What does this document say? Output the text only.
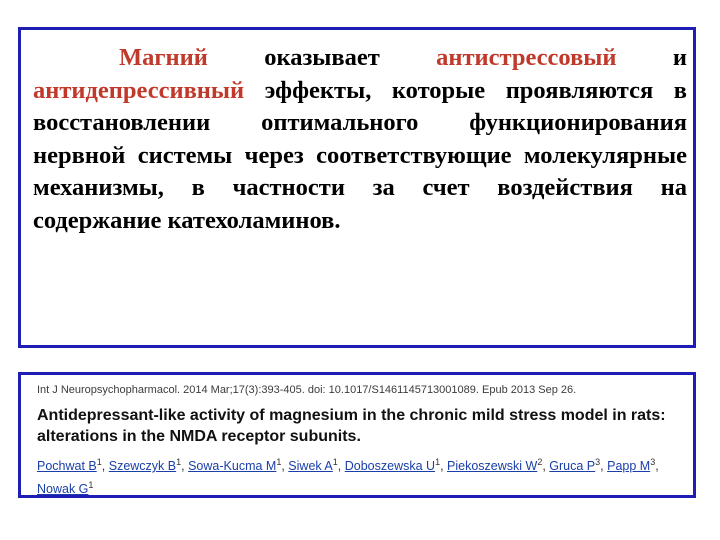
Магний оказывает антистрессовый и антидепрессивный эффекты, которые проявляются в восстановлении оптимального функционирования нервной системы через соответствующие молекулярные механизмы, в частности за счет воздействия на содержание катехоламинов.
Int J Neuropsychopharmacol. 2014 Mar;17(3):393-405. doi: 10.1017/S1461145713001089. Epub 2013 Sep 26.
Antidepressant-like activity of magnesium in the chronic mild stress model in rats: alterations in the NMDA receptor subunits.
Pochwat $B^1$, Szewczyk $B^1$, Sowa-Kucma $M^1$, Siwek $A^1$, Doboszewska $U^1$, Piekoszewski $W^2$, Gruca $P^3$, Papp $M^3$, Nowak $G^1$
